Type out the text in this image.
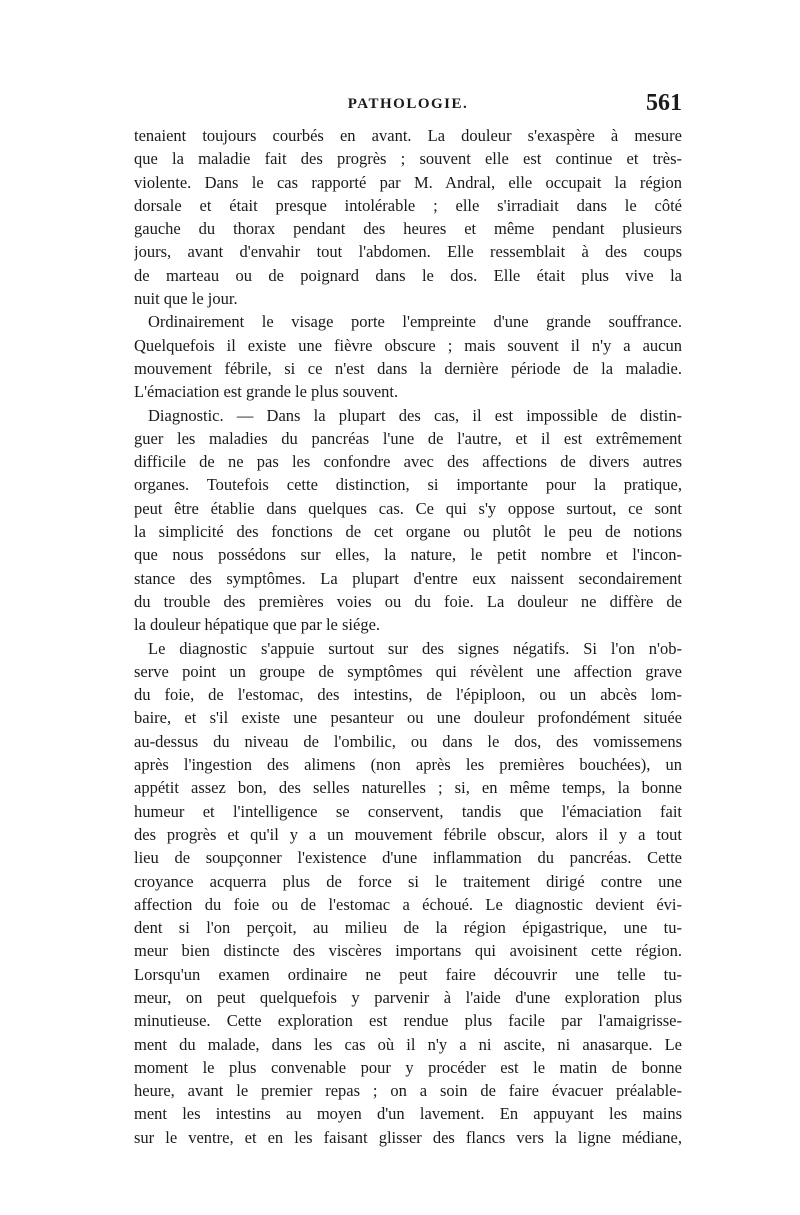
PATHOLOGIE.	561
tenaient toujours courbés en avant. La douleur s'exaspère à mesure
que la maladie fait des progrès ; souvent elle est continue et très-
violente. Dans le cas rapporté par M. Andral, elle occupait la région
dorsale et était presque intolérable ; elle s'irradiait dans le côté
gauche du thorax pendant des heures et même pendant plusieurs
jours, avant d'envahir tout l'abdomen. Elle ressemblait à des coups
de marteau ou de poignard dans le dos. Elle était plus vive la
nuit que le jour.
Ordinairement le visage porte l'empreinte d'une grande souffrance.
Quelquefois il existe une fièvre obscure ; mais souvent il n'y a aucun
mouvement fébrile, si ce n'est dans la dernière période de la maladie.
L'émaciation est grande le plus souvent.
Diagnostic. — Dans la plupart des cas, il est impossible de distin-
guer les maladies du pancréas l'une de l'autre, et il est extrêmement
difficile de ne pas les confondre avec des affections de divers autres
organes. Toutefois cette distinction, si importante pour la pratique,
peut être établie dans quelques cas. Ce qui s'y oppose surtout, ce sont
la simplicité des fonctions de cet organe ou plutôt le peu de notions
que nous possédons sur elles, la nature, le petit nombre et l'incon-
stance des symptômes. La plupart d'entre eux naissent secondairement
du trouble des premières voies ou du foie. La douleur ne diffère de
la douleur hépatique que par le siége.
Le diagnostic s'appuie surtout sur des signes négatifs. Si l'on n'ob-
serve point un groupe de symptômes qui révèlent une affection grave
du foie, de l'estomac, des intestins, de l'épiploon, ou un abcès lom-
baire, et s'il existe une pesanteur ou une douleur profondément située
au-dessus du niveau de l'ombilic, ou dans le dos, des vomissemens
après l'ingestion des alimens (non après les premières bouchées), un
appétit assez bon, des selles naturelles ; si, en même temps, la bonne
humeur et l'intelligence se conservent, tandis que l'émaciation fait
des progrès et qu'il y a un mouvement fébrile obscur, alors il y a tout
lieu de soupçonner l'existence d'une inflammation du pancréas. Cette
croyance acquerra plus de force si le traitement dirigé contre une
affection du foie ou de l'estomac a échoué. Le diagnostic devient évi-
dent si l'on perçoit, au milieu de la région épigastrique, une tu-
meur bien distincte des viscères importans qui avoisinent cette région.
Lorsqu'un examen ordinaire ne peut faire découvrir une telle tu-
meur, on peut quelquefois y parvenir à l'aide d'une exploration plus
minutieuse. Cette exploration est rendue plus facile par l'amaigrisse-
ment du malade, dans les cas où il n'y a ni ascite, ni anasarque. Le
moment le plus convenable pour y procéder est le matin de bonne
heure, avant le premier repas ; on a soin de faire évacuer préalable-
ment les intestins au moyen d'un lavement. En appuyant les mains
sur le ventre, et en les faisant glisser des flancs vers la ligne médiane,
